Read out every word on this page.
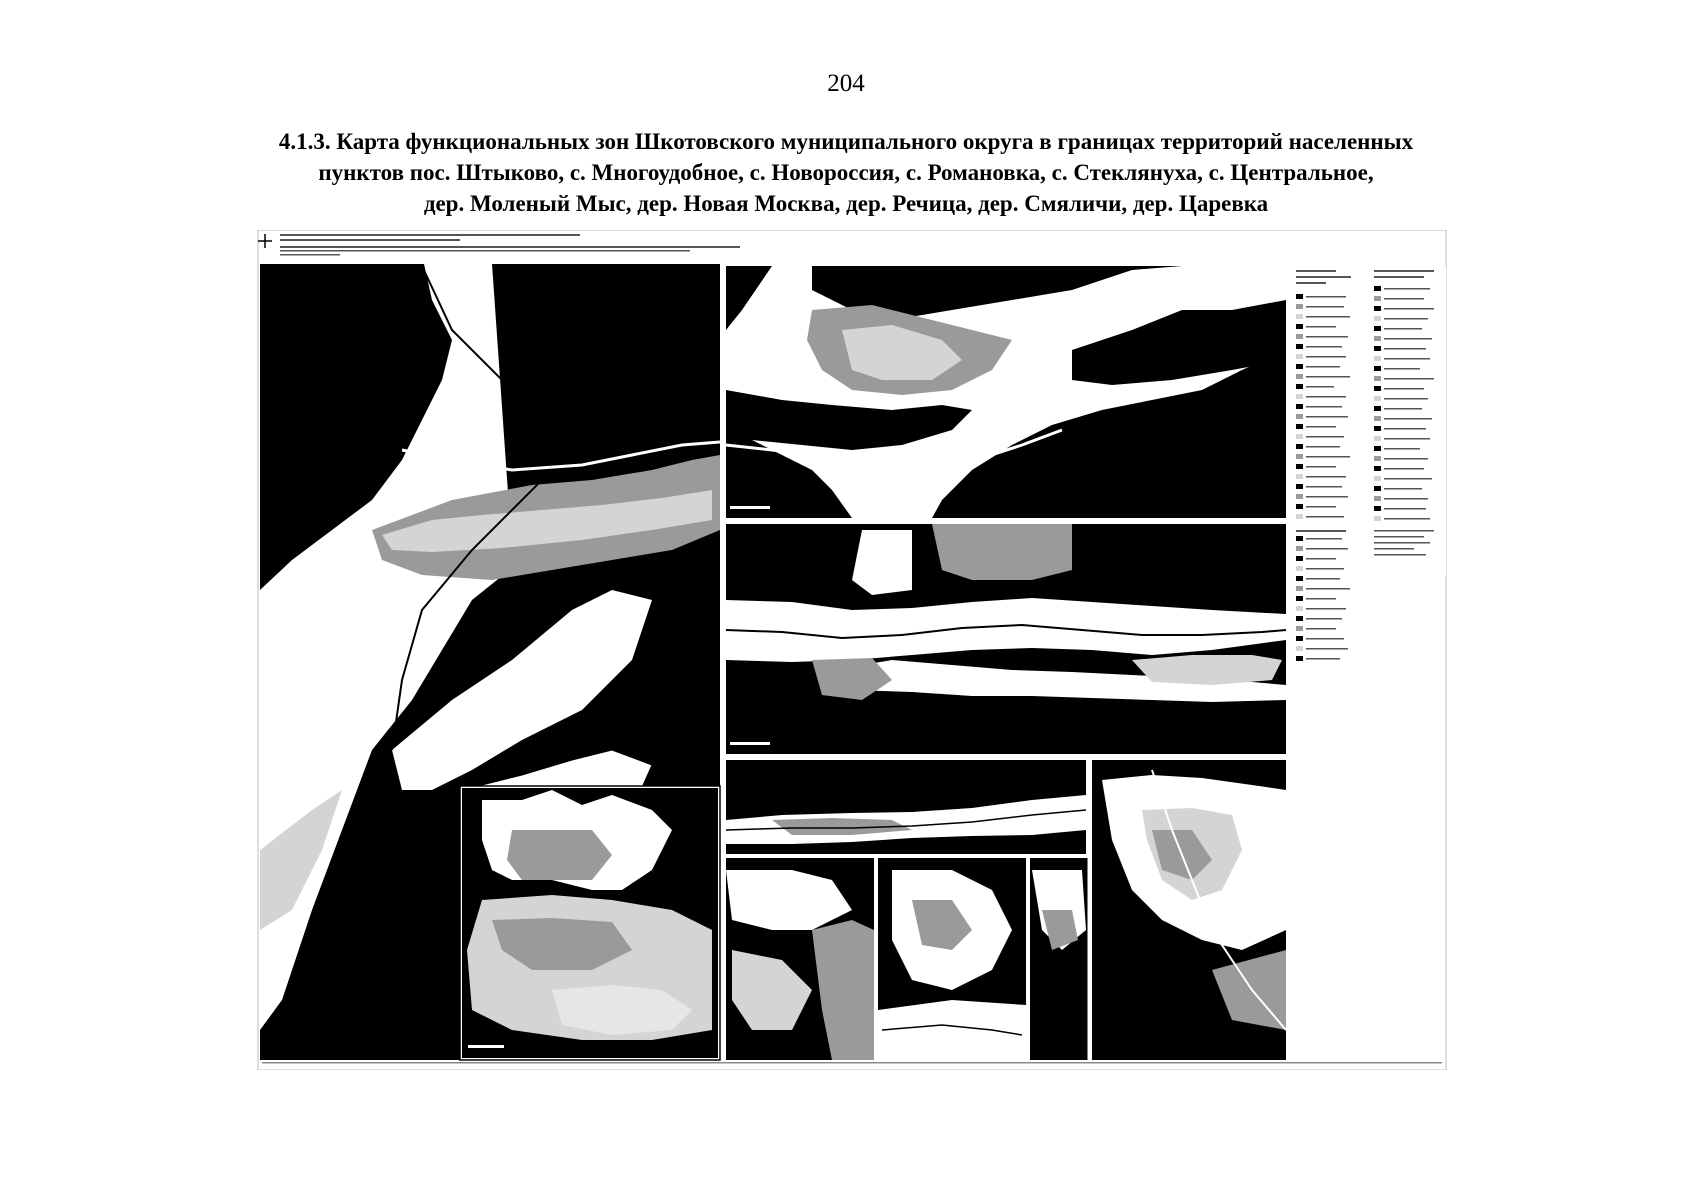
204
4.1.3. Карта функциональных зон Шкотовского муниципального округа в границах территорий населенных
пунктов пос. Штыково, с. Многоудобное, с. Новороссия, с. Романовка, с. Стеклянуха, с. Центральное,
дер. Моленый Мыс, дер. Новая Москва, дер. Речица, дер. Смяличи, дер. Царевка
